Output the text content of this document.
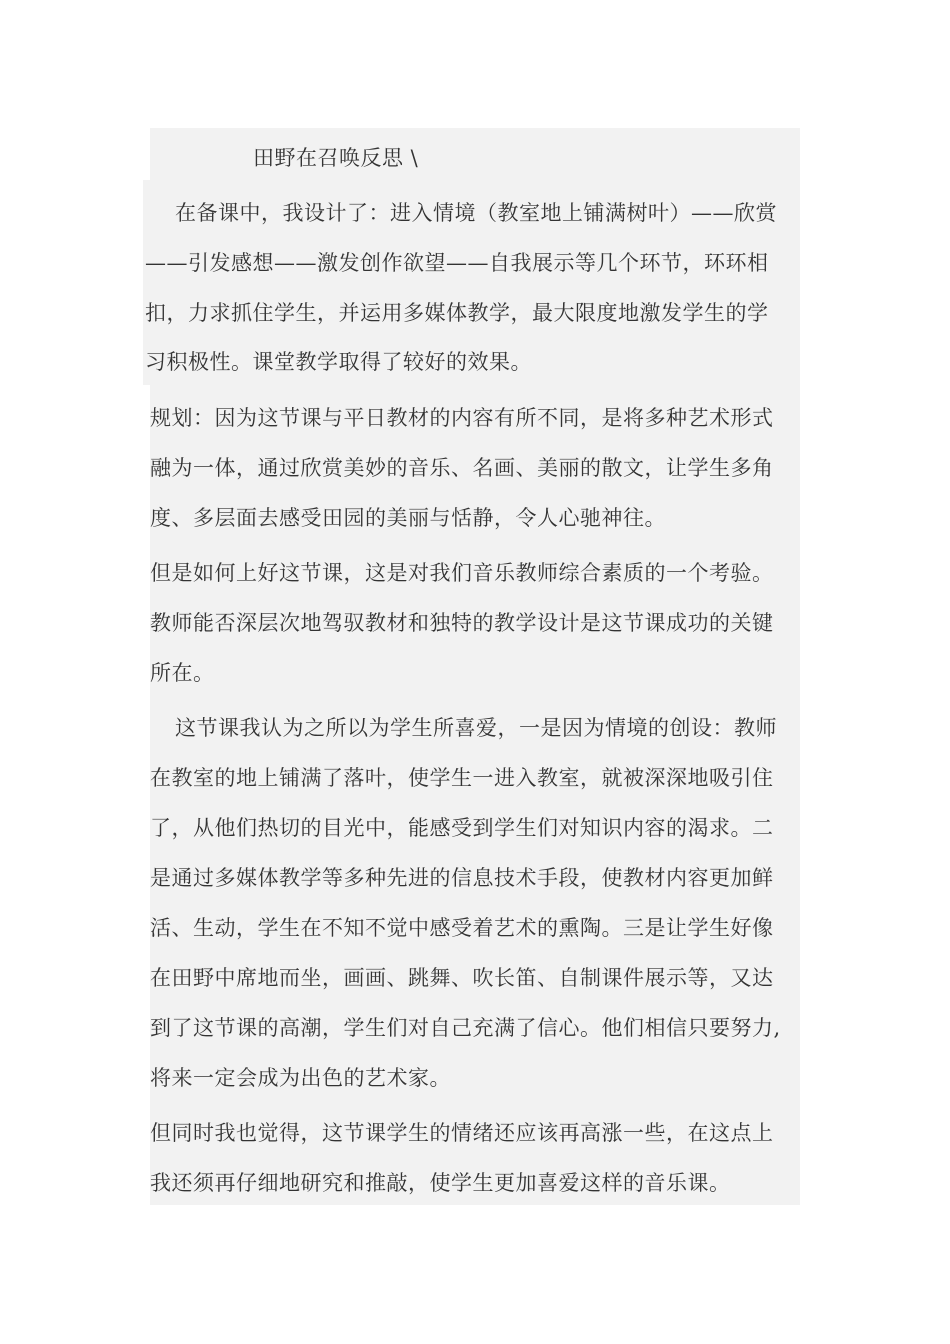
田野在召唤反思 \
在备课中，我设计了：进入情境（教室地上铺满树叶）——欣赏
——引发感想——激发创作欲望——自我展示等几个环节，环环相
扣，力求抓住学生，并运用多媒体教学，最大限度地激发学生的学
习积极性。课堂教学取得了较好的效果。
规划：因为这节课与平日教材的内容有所不同，是将多种艺术形式
融为一体，通过欣赏美妙的音乐、名画、美丽的散文，让学生多角
度、多层面去感受田园的美丽与恬静，令人心驰神往。
但是如何上好这节课，这是对我们音乐教师综合素质的一个考验。
教师能否深层次地驾驭教材和独特的教学设计是这节课成功的关键
所在。
这节课我认为之所以为学生所喜爱，一是因为情境的创设：教师
在教室的地上铺满了落叶，使学生一进入教室，就被深深地吸引住
了，从他们热切的目光中，能感受到学生们对知识内容的渴求。二
是通过多媒体教学等多种先进的信息技术手段，使教材内容更加鲜
活、生动，学生在不知不觉中感受着艺术的熏陶。三是让学生好像
在田野中席地而坐，画画、跳舞、吹长笛、自制课件展示等，又达
到了这节课的高潮，学生们对自己充满了信心。他们相信只要努力,
将来一定会成为出色的艺术家。
但同时我也觉得，这节课学生的情绪还应该再高涨一些，在这点上
我还须再仔细地研究和推敲，使学生更加喜爱这样的音乐课。
